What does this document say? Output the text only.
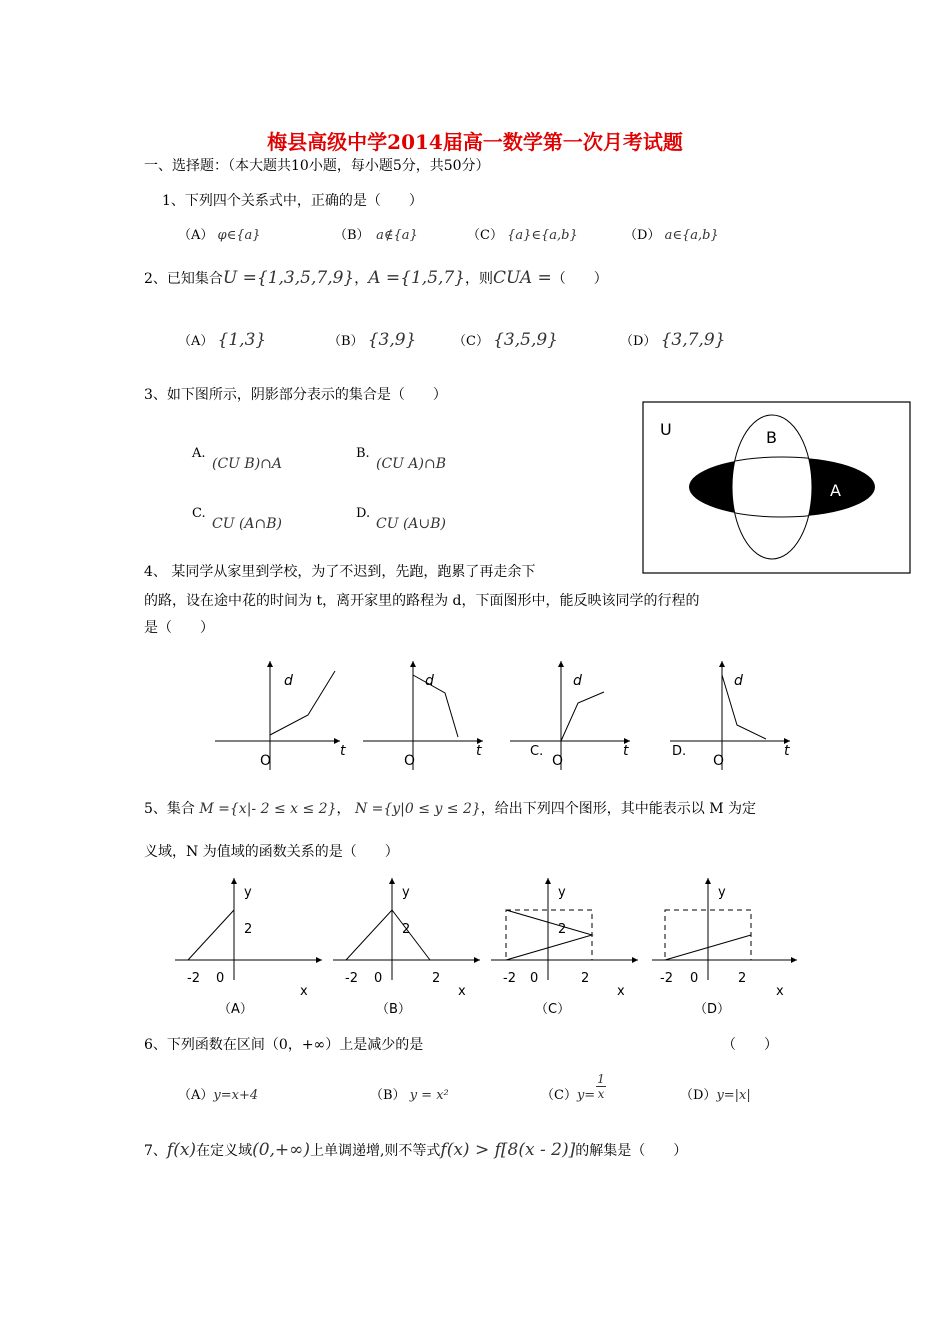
梅县高级中学2014届高一数学第一次月考试题
一、选择题：（本大题共10小题，每小题5分，共50分）
1、下列四个关系式中，正确的是（　　）
（A） φ∈{a}	（B）　 a∉{a}	（C） {a}∈{a,b}	（D） a∈{a,b}
2、已知集合U ={1,3,5,7,9}，A ={1,5,7}，则CUA =（　　）
（A） {1,3}	（B） {3,9}	（C） {3,5,9}	（D） {3,7,9}
3、如下图所示，阴影部分表示的集合是（　　）
A.
(CU B)∩A
B.
(CU A)∩B
C.
CU (A∩B)
D.
CU (A∪B)
U	B
A
4、 某同学从家里到学校，为了不迟到，先跑，跑累了再走余下
的路，设在途中花的时间为 t，离开家里的路程为 d，下面图形中，能反映该同学的行程的
是（　　）
d
t
O
d
t
O
d
t
C.
O
d
t
D.
O
5、集合 M ={x|- 2 ≤ x ≤ 2}， N ={y|0 ≤ y ≤ 2}，给出下列四个图形，其中能表示以 M 为定
义域，N 为值域的函数关系的是（　　）
y
2
-2 0
x
（A）
y
2
-2 0	2
x
（B）
y
2
-2 0	2
x
（C）
y
-2 0	2
x
（D）
6、下列函数在区间（0，+∞）上是减少的是	（　　）
（A）y=x+4	（B） y = x²	$(C)y= \frac{1}{x}$	（D）y=|x|
7、f(x)在定义域(0,+∞)上单调递增,则不等式f(x) > f[8(x - 2)]的解集是（　　）
